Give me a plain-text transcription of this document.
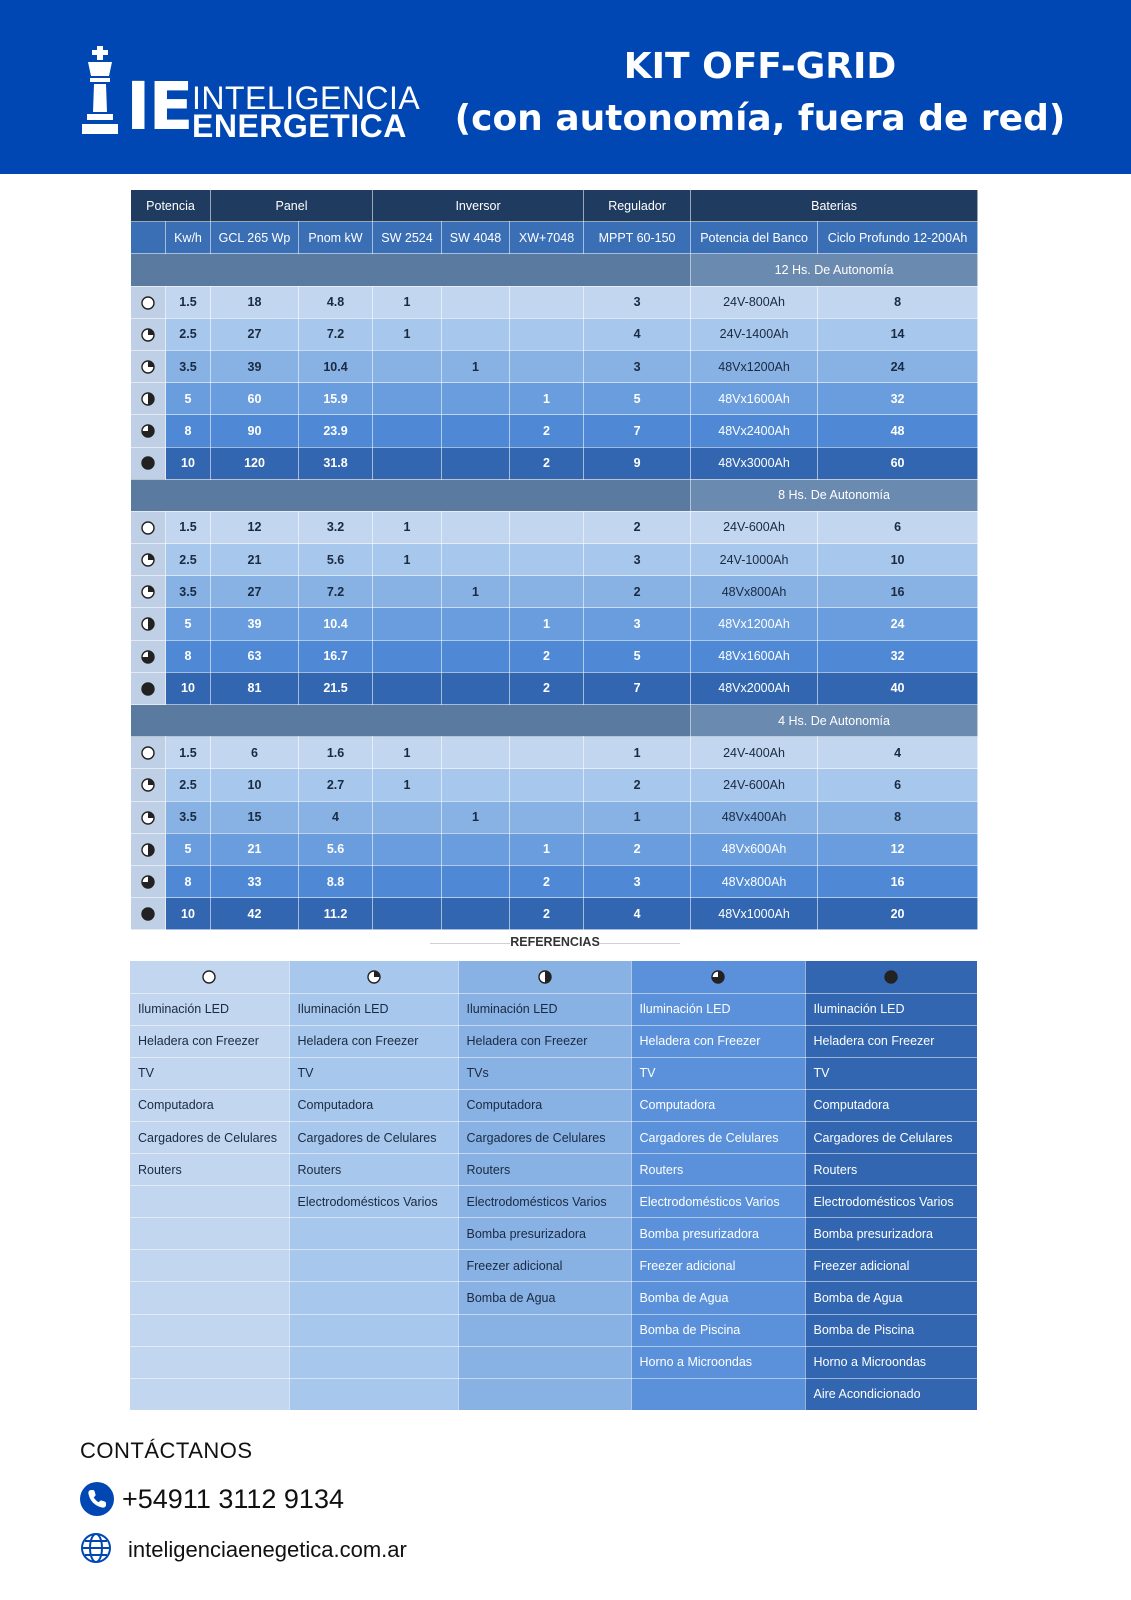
IE INTELIGENCIA
ENERGETICA
KIT OFF-GRID
(con autonomía, fuera de red)
Potencia		Panel		Inversor			Regulador	Baterias	
	Kw/h	GCL 265 Wp	Pnom kW	SW 2524	SW 4048	XW+7048	MPPT 60-150	Potencia del Banco	Ciclo Profundo 12-200Ah
								12 Hs. De Autonomía	
	1.5	18	4.8	1			3	24V-800Ah	8
	2.5	27	7.2	1			4	24V-1400Ah	14
	3.5	39	10.4		1		3	48Vx1200Ah	24
	5	60	15.9			1	5	48Vx1600Ah	32
	8	90	23.9			2	7	48Vx2400Ah	48
	10	120	31.8			2	9	48Vx3000Ah	60
								8 Hs. De Autonomía	
	1.5	12	3.2	1			2	24V-600Ah	6
	2.5	21	5.6	1			3	24V-1000Ah	10
	3.5	27	7.2		1		2	48Vx800Ah	16
	5	39	10.4			1	3	48Vx1200Ah	24
	8	63	16.7			2	5	48Vx1600Ah	32
	10	81	21.5			2	7	48Vx2000Ah	40
								4 Hs. De Autonomía	
	1.5	6	1.6	1			1	24V-400Ah	4
	2.5	10	2.7	1			2	24V-600Ah	6
	3.5	15	4		1		1	48Vx400Ah	8
	5	21	5.6			1	2	48Vx600Ah	12
	8	33	8.8			2	3	48Vx800Ah	16
	10	42	11.2			2	4	48Vx1000Ah	20
REFERENCIAS

Iluminación LED	Iluminación LED	Iluminación LED	Iluminación LED	Iluminación LED
Heladera con Freezer	Heladera con Freezer	Heladera con Freezer	Heladera con Freezer	Heladera con Freezer
TV	TV	TVs	TV	TV
Computadora	Computadora	Computadora	Computadora	Computadora
Cargadores de Celulares	Cargadores de Celulares	Cargadores de Celulares	Cargadores de Celulares	Cargadores de Celulares
Routers	Routers	Routers	Routers	Routers
	Electrodomésticos Varios	Electrodomésticos Varios	Electrodomésticos Varios	Electrodomésticos Varios
		Bomba presurizadora	Bomba presurizadora	Bomba presurizadora
		Freezer adicional	Freezer adicional	Freezer adicional
		Bomba de Agua	Bomba de Agua	Bomba de Agua
			Bomba de Piscina	Bomba de Piscina
			Horno a Microondas	Horno a Microondas
				Aire Acondicionado
CONTÁCTANOS
+54911 3112 9134
inteligenciaenegetica.com.ar
